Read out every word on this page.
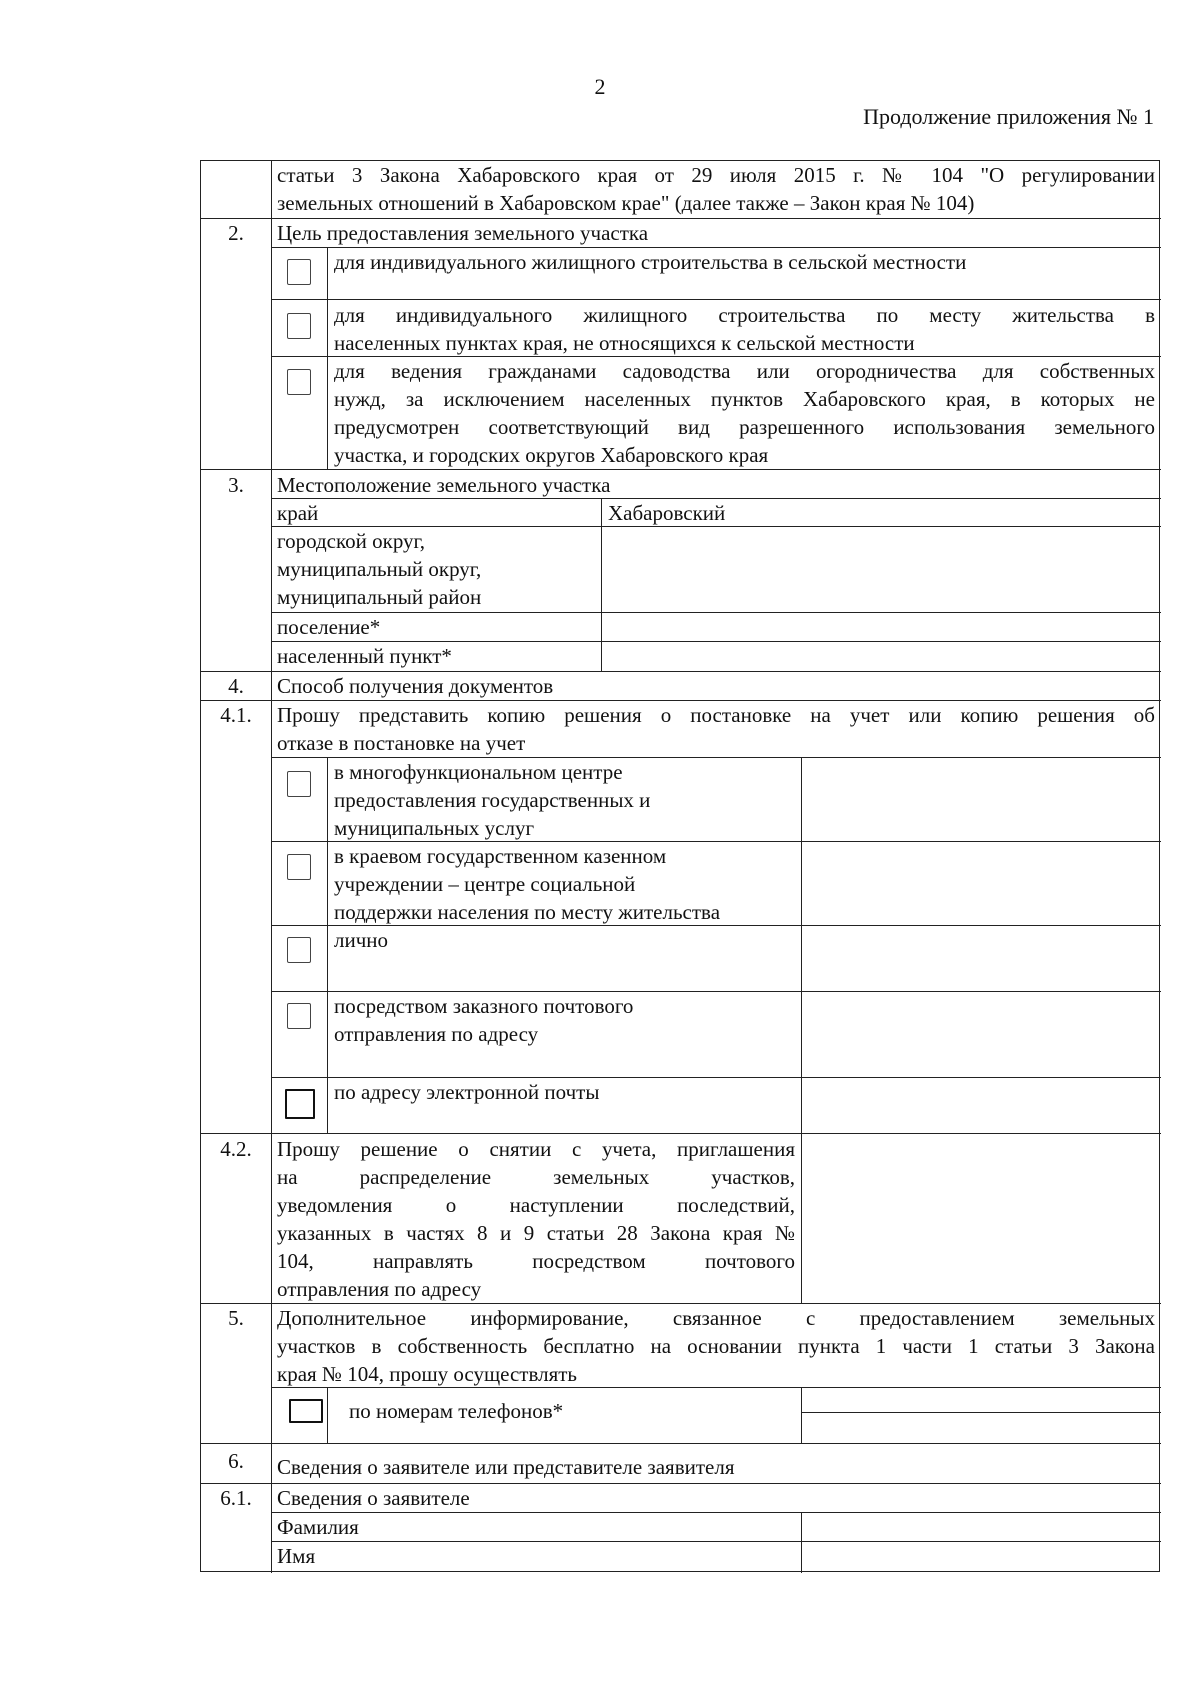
2
Продолжение приложения № 1
статьи 3 Закона Хабаровского края от 29 июля 2015 г. № 104 "О регулировании
земельных отношений в Хабаровском крае" (далее также – Закон края № 104)
2.	Цель предоставления земельного участка
для индивидуального жилищного строительства в сельской местности
для индивидуального жилищного строительства по месту жительства в
населенных пунктах края, не относящихся к сельской местности
для ведения гражданами садоводства или огородничества для собственных
нужд, за исключением населенных пунктов Хабаровского края, в которых не
предусмотрен соответствующий вид разрешенного использования земельного
участка, и городских округов Хабаровского края
3.	Местоположение земельного участка
край	Хабаровский
городской округ,
муниципальный округ,
муниципальный район
поселение*
населенный пункт*
4.	Способ получения документов
4.1.	Прошу представить копию решения о постановке на учет или копию решения об
отказе в постановке на учет
в многофункциональном центре
предоставления государственных и
муниципальных услуг
в краевом государственном казенном
учреждении – центре социальной
поддержки населения по месту жительства
лично
посредством заказного почтового
отправления по адресу
по адресу электронной почты
4.2.	Прошу решение о снятии с учета, приглашения
на распределение земельных участков,
уведомления о наступлении последствий,
указанных в частях 8 и 9 статьи 28 Закона края №
104, направлять посредством почтового
отправления по адресу
5.	Дополнительное информирование, связанное с предоставлением земельных
участков в собственность бесплатно на основании пункта 1 части 1 статьи 3 Закона
края № 104, прошу осуществлять
по номерам телефонов*
6.	Сведения о заявителе или представителе заявителя
6.1.	Сведения о заявителе
Фамилия
Имя
